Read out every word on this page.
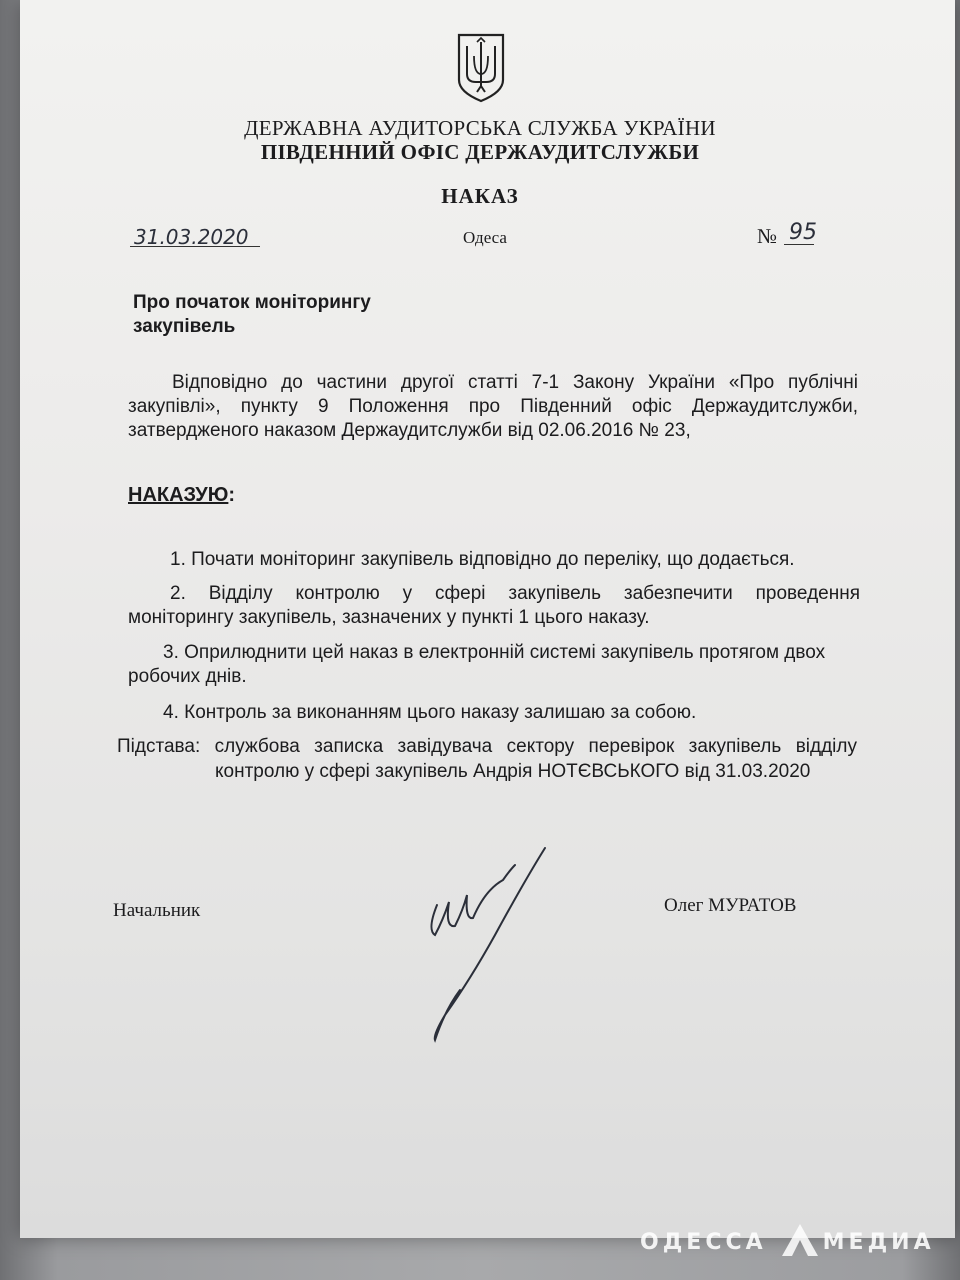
ДЕРЖАВНА АУДИТОРСЬКА СЛУЖБА УКРАЇНИ
ПІВДЕННИЙ ОФІС ДЕРЖАУДИТСЛУЖБИ
НАКАЗ
31.03.2020	Одеса	№ 95
Про початок моніторингу
закупівель
Відповідно до частини другої статті 7-1 Закону України «Про публічні
закупівлі», пункту 9 Положення про Південний офіс Держаудитслужби,
затвердженого наказом Держаудитслужби від 02.06.2016 № 23,
НАКАЗУЮ:
1. Почати моніторинг закупівель відповідно до переліку, що додається.
2. Відділу контролю у сфері закупівель забезпечити проведення
моніторингу закупівель, зазначених у пункті 1 цього наказу.
3. Оприлюднити цей наказ в електронній системі закупівель протягом двох
робочих днів.
4. Контроль за виконанням цього наказу залишаю за собою.
Підстава: службова записка завідувача сектору перевірок закупівель відділу
контролю у сфері закупівель Андрія НОТЄВСЬКОГО від 31.03.2020
Начальник	Олег МУРАТОВ
ОДЕССА	МЕДИА
